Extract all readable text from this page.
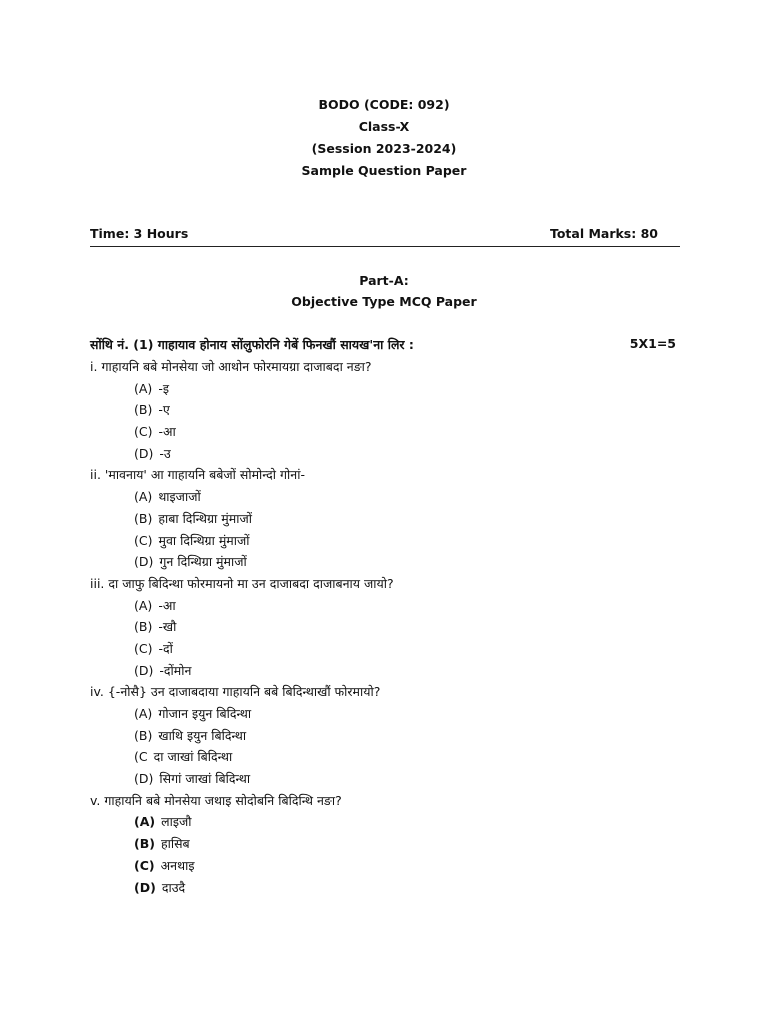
BODO (CODE: 092)
Class-X
(Session 2023-2024)
Sample Question Paper
Time: 3 Hours	Total Marks: 80
Part-A:
Objective Type MCQ Paper
सोंथि नं. (1) गाहायाव होनाय सोंलुफोरनि गेबें फिनखौं सायख'ना लिर :	5X1=5
i. गाहायनि बबे मोनसेया जो आथोन फोरमायग्रा दाजाबदा नङा?
(A) -इ
(B) -ए
(C) -आ
(D) -उ
ii. 'मावनाय' आ गाहायनि बबेजों सोमोन्दो गोनां-
(A) थाइजाजों
(B) हाबा दिन्थिग्रा मुंमाजों
(C) मुवा दिन्थिग्रा मुंमाजों
(D) गुन दिन्थिग्रा मुंमाजों
iii. दा जाफु बिदिन्था फोरमायनो मा उन दाजाबदा दाजाबनाय जायो?
(A) -आ
(B) -खौ
(C) -दों
(D) -दोंमोन
iv. {-नोसै} उन दाजाबदाया गाहायनि बबे बिदिन्थाखौं फोरमायो?
(A) गोजान इयुन बिदिन्था
(B) खाथि इयुन बिदिन्था
(C दा जाखां बिदिन्था
(D) सिगां जाखां बिदिन्था
v. गाहायनि बबे मोनसेया जथाइ सोदोबनि बिदिन्थि नङा?
(A) लाइजौ
(B) हासिब
(C) अनथाइ
(D) दाउदै
